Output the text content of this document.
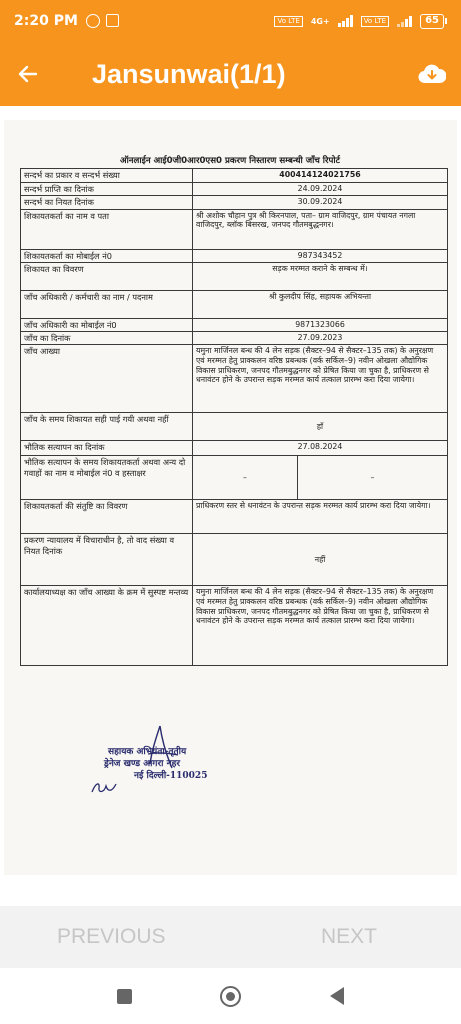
2:20 PM	Vo LTE	4G+	Vo LTE	65
Jansunwai(1/1)
ऑनलाईन आई0जी0आर0एस0 प्रकरण निस्तारण सम्बन्धी जाँच रिपोर्ट
सन्दर्भ का प्रकार व सन्दर्भ संख्या	40041412402175​6	
सन्दर्भ प्राप्ति का दिनांक	24.09.2024	
सन्दर्भ का नियत दिनांक	30.09.2024	
शिकायतकर्ता का नाम व पता	श्री अशोक चौहान पुत्र श्री किरनपाल, पता– ग्राम वाजिदपुर, ग्राम पंचायत नगला वाजिदपुर, ब्लॉक बिसरख, जनपद गौतमबुद्धनगर।	
शिकायतकर्ता का मोबाईल नं0	987343452	
शिकायत का विवरण	सड़क मरम्मत कराने के सम्बन्ध में।	
जाँच अधिकारी / कर्मचारी का नाम / पदनाम	श्री कुलदीप सिंह, सहायक अभियन्ता	
जाँच अधिकारी का मोबाईल नं0	9871323066	
जाँच का दिनांक	27.09.2023	
जाँच आख्या	यमुना मार्जिनल बन्ध की 4 लेन सड़क (सैक्टर–94 से सैक्टर–135 तक) के अनुरक्षण एवं मरम्मत हेतु प्राक्कलन वरिष्ठ प्रबन्धक (वर्क सर्किल–9) नवीन ओखला औद्योगिक विकास प्राधिकरण, जनपद गौतमबुद्धनगर को प्रेषित किया जा चुका है, प्राधिकरण से धनावंटन होने के उपरान्त सड़क मरम्मत कार्य तत्काल प्रारम्भ करा दिया जायेगा।	
जाँच के समय शिकायत सही पाई गयी अथवा नहीं	हाँ	
भौतिक सत्यापन का दिनांक	27.08.2024	
भौतिक सत्यापन के समय शिकायतकर्ता अथवा अन्य दो गवाहों का नाम व मोबाईल नं0 व हस्ताक्षर	–	–
शिकायतकर्ता की संतुष्टि का विवरण	प्राधिकरण स्तर से धनावंटन के उपरान्त सड़क मरम्मत कार्य प्रारम्भ करा दिया जायेगा।	
प्रकरण न्यायालय में विचाराधीन है, तो वाद संख्या व नियत दिनांक	नहीं	
कार्यालयाध्यक्ष का जाँच आख्या के क्रम में सुस्पष्ट मन्तव्य	यमुना मार्जिनल बन्ध की 4 लेन सड़क (सैक्टर–94 से सैक्टर–135 तक) के अनुरक्षण एवं मरम्मत हेतु प्राक्कलन वरिष्ठ प्रबन्धक (वर्क सर्किल–9) नवीन ओखला औद्योगिक विकास प्राधिकरण, जनपद गौतमबुद्धनगर को प्रेषित किया जा चुका है, प्राधिकरण से धनावंटन होने के उपरान्त सड़क मरम्मत कार्य तत्काल प्रारम्भ करा दिया जायेगा।	
सहायक अभियंता-तृतीय
ड्रेनेज खण्ड आगरा नहर
नई दिल्ली-110025
PREVIOUS	NEXT
